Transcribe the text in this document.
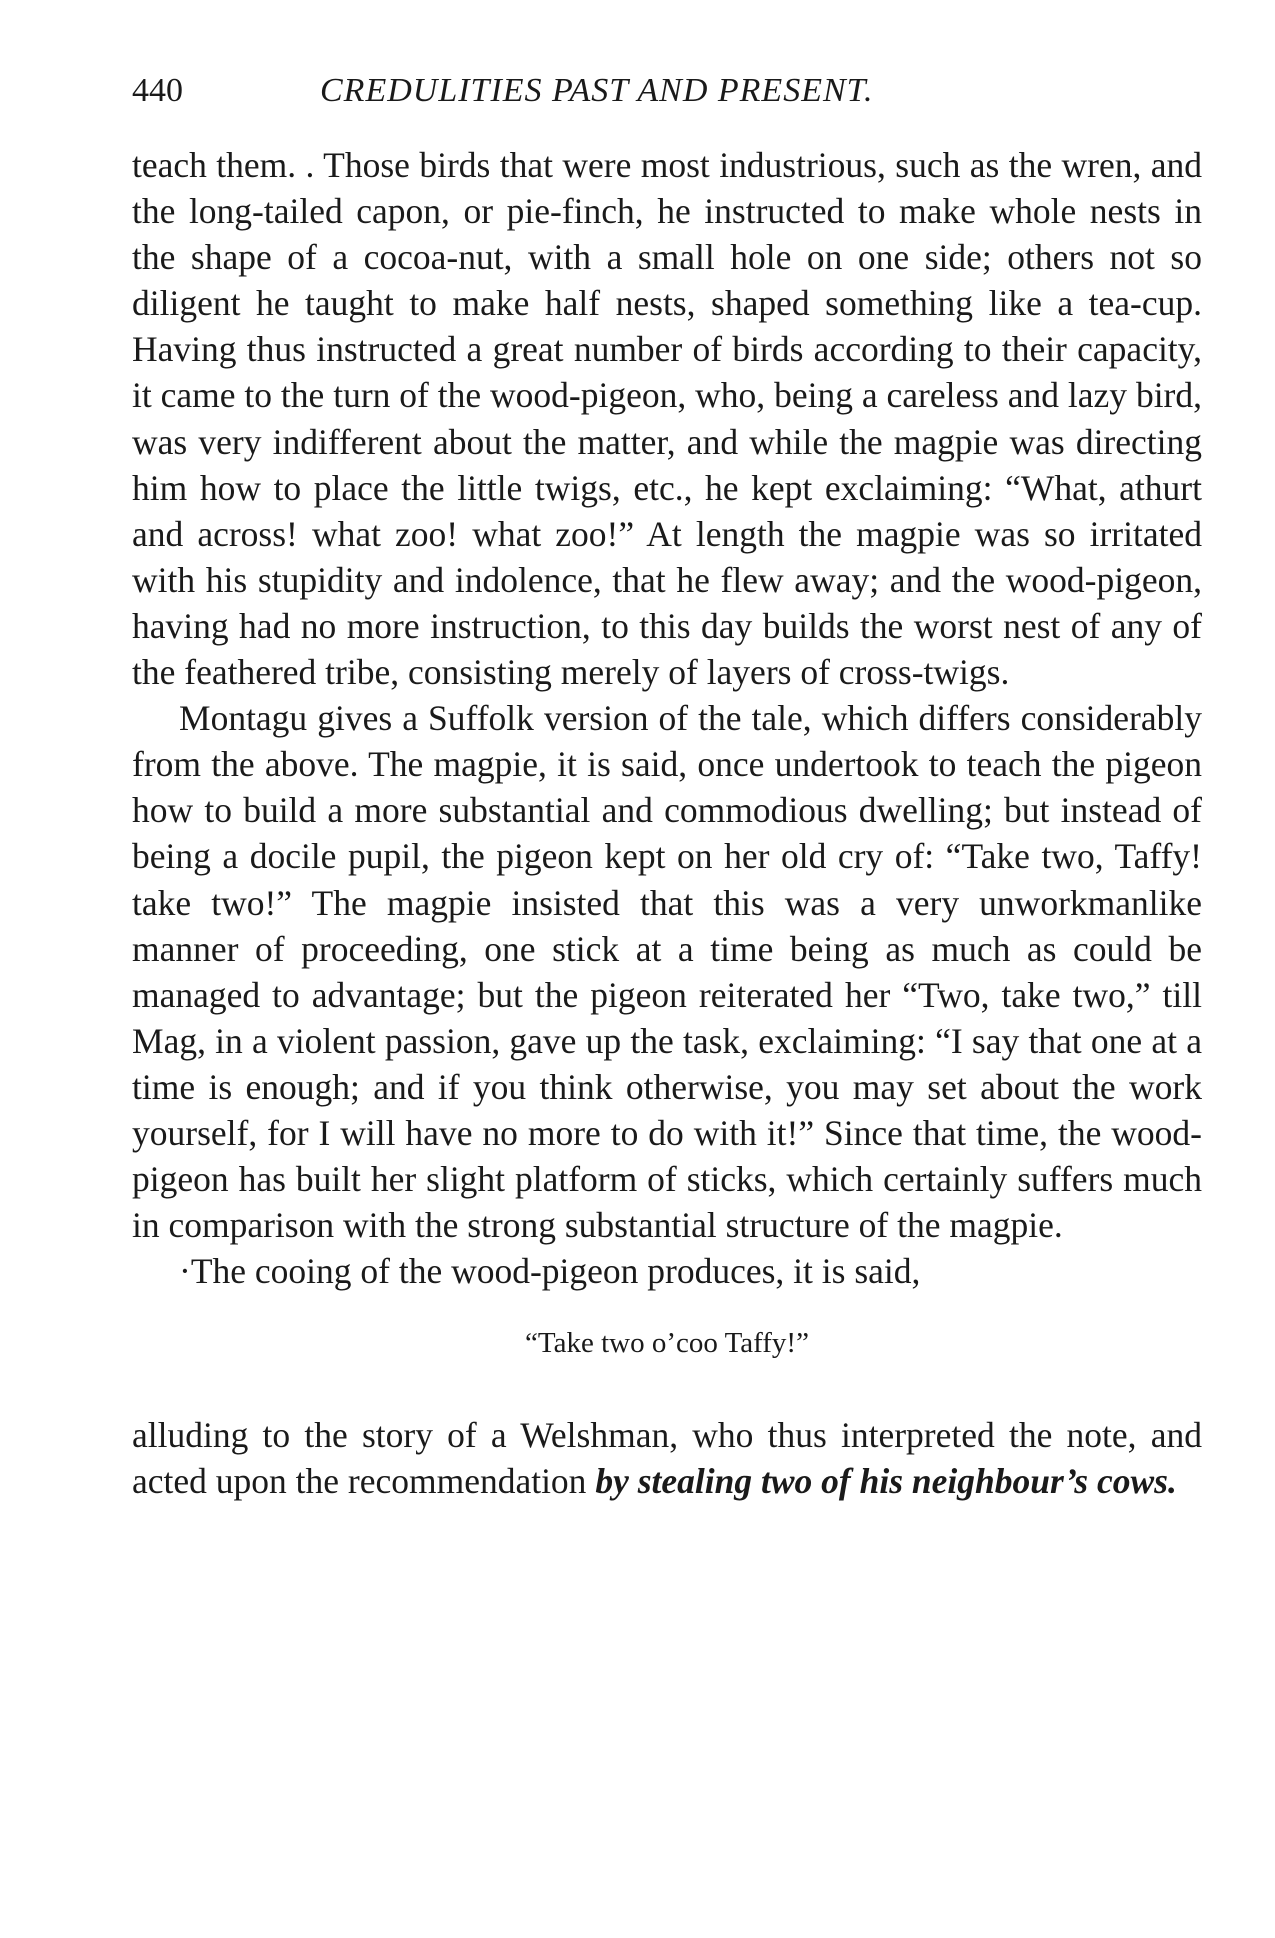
440	CREDULITIES PAST AND PRESENT.

teach them. . Those birds that were most industrious, such as the wren, and the long-tailed capon, or pie-finch, he instructed to make whole nests in the shape of a cocoa-nut, with a small hole on one side; others not so diligent he taught to make half nests, shaped something like a tea-cup. Having thus instructed a great number of birds according to their capacity, it came to the turn of the wood-pigeon, who, being a careless and lazy bird, was very indifferent about the matter, and while the magpie was directing him how to place the little twigs, etc., he kept exclaiming: “What, athurt and across! what zoo! what zoo!” At length the magpie was so irritated with his stupidity and indolence, that he flew away; and the wood-pigeon, having had no more instruction, to this day builds the worst nest of any of the feathered tribe, consisting merely of layers of cross-twigs.

Montagu gives a Suffolk version of the tale, which differs considerably from the above. The magpie, it is said, once undertook to teach the pigeon how to build a more substantial and commodious dwelling; but instead of being a docile pupil, the pigeon kept on her old cry of: “Take two, Taffy! take two!” The magpie insisted that this was a very unworkmanlike manner of proceeding, one stick at a time being as much as could be managed to advantage; but the pigeon reiterated her “Two, take two,” till Mag, in a violent passion, gave up the task, exclaiming: “I say that one at a time is enough; and if you think otherwise, you may set about the work yourself, for I will have no more to do with it!” Since that time, the wood-pigeon has built her slight platform of sticks, which certainly suffers much in comparison with the strong substantial structure of the magpie.

·The cooing of the wood-pigeon produces, it is said,

“Take two o’coo Taffy!”

alluding to the story of a Welshman, who thus interpreted the note, and acted upon the recommendation by stealing two of his neighbour’s cows.
